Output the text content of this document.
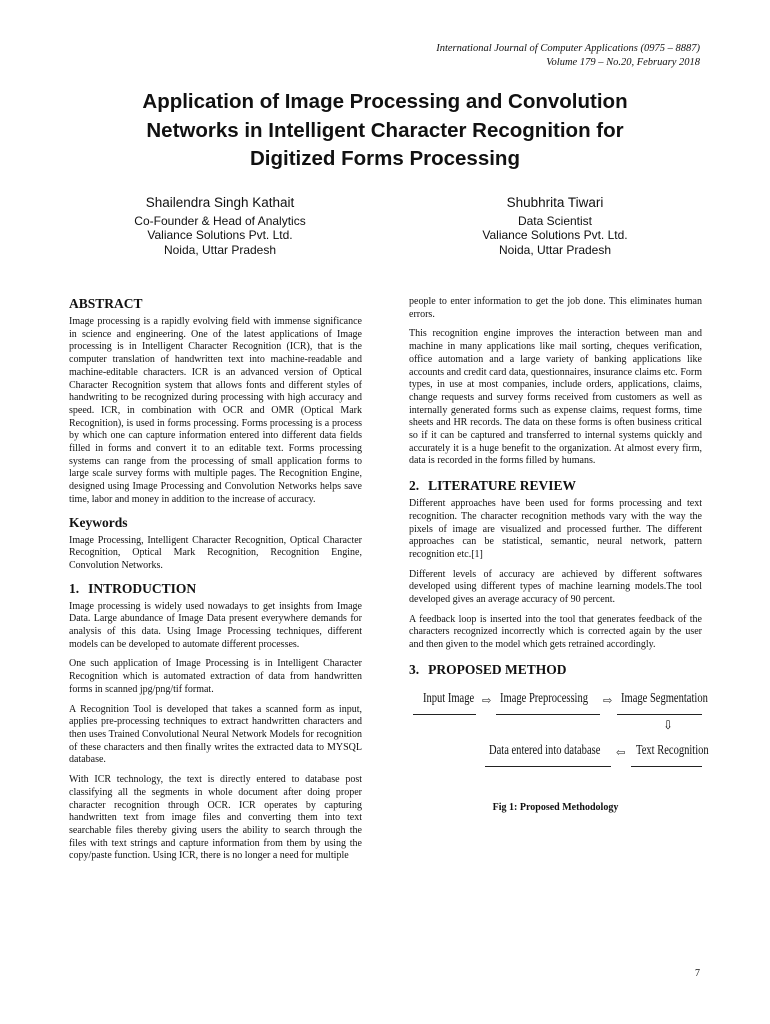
International Journal of Computer Applications (0975 – 8887)
Volume 179 – No.20, February 2018
Application of Image Processing and Convolution
Networks in Intelligent Character Recognition for
Digitized Forms Processing
Shailendra Singh Kathait
Co-Founder & Head of Analytics
Valiance Solutions Pvt. Ltd.
Noida, Uttar Pradesh
Shubhrita Tiwari
Data Scientist
Valiance Solutions Pvt. Ltd.
Noida, Uttar Pradesh
ABSTRACT

Image processing is a rapidly evolving field with immense significance in science and engineering. One of the latest applications of Image processing is in Intelligent Character Recognition (ICR), that is the computer translation of handwritten text into machine-readable and machine-editable characters. ICR is an advanced version of Optical Character Recognition system that allows fonts and different styles of handwriting to be recognized during processing with high accuracy and speed. ICR, in combination with OCR and OMR (Optical Mark Recognition), is used in forms processing. Forms processing is a process by which one can capture information entered into different data fields filled in forms and convert it to an editable text. Forms processing systems can range from the processing of small application forms to large scale survey forms with multiple pages. The Recognition Engine, designed using Image Processing and Convolution Networks helps save time, labor and money in addition to the increase of accuracy.

Keywords

Image Processing, Intelligent Character Recognition, Optical Character Recognition, Optical Mark Recognition, Recognition Engine, Convolution Networks.

1. INTRODUCTION

Image processing is widely used nowadays to get insights from Image Data. Large abundance of Image Data present everywhere demands for analysis of this data. Using Image Processing techniques, different models can be developed to automate different processes.

One such application of Image Processing is in Intelligent Character Recognition which is automated extraction of data from handwritten forms in scanned jpg/png/tif format.

A Recognition Tool is developed that takes a scanned form as input, applies pre-processing techniques to extract handwritten characters and then uses Trained Convolutional Neural Network Models for recognition of these characters and then finally writes the extracted data to MYSQL database.

With ICR technology, the text is directly entered to database post classifying all the segments in whole document after doing proper character recognition through OCR. ICR operates by capturing handwritten text from image files and converting them into text searchable files thereby giving users the ability to search through the files with text strings and capture information from them by using the copy/paste function. Using ICR, there is no longer a need for multiple

people to enter information to get the job done. This eliminates human errors.

This recognition engine improves the interaction between man and machine in many applications like mail sorting, cheques verification, office automation and a large variety of banking applications like accounts and credit card data, questionnaires, insurance claims etc. Form types, in use at most companies, include orders, applications, claims, change requests and survey forms received from customers as well as internally generated forms such as expense claims, request forms, time sheets and HR records. The data on these forms is often business critical so if it can be captured and transferred to internal systems quickly and accurately it is a huge benefit to the organization. At almost every firm, data is recorded in the forms filled by humans.

2. LITERATURE REVIEW

Different approaches have been used for forms processing and text recognition. The character recognition methods vary with the way the pixels of image are visualized and processed further. The different approaches can be statistical, semantic, neural network, pattern recognition etc.[1]

Different levels of accuracy are achieved by different softwares developed using different types of machine learning models.The tool developed gives an average accuracy of 90 percent.

A feedback loop is inserted into the tool that generates feedback of the characters recognized incorrectly which is corrected again by the user and then given to the model which gets retrained accordingly.

3. PROPOSED METHOD
Input Image ⇨ Image Preprocessing ⇨ Image Segmentation
⇩
Data entered into database ⇦ Text Recognition
Fig 1: Proposed Methodology
7
